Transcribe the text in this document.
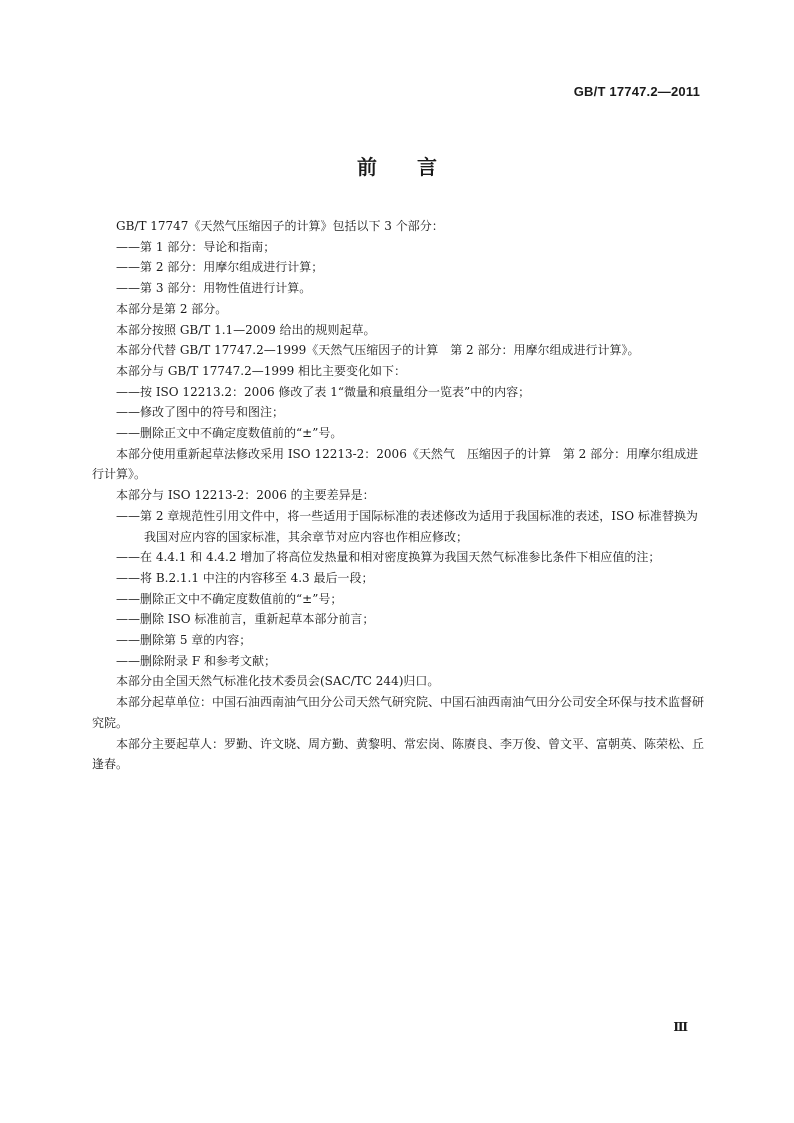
GB/T 17747.2—2011
前言

GB/T 17747《天然气压缩因子的计算》包括以下 3 个部分：

——第 1 部分：导论和指南；

——第 2 部分：用摩尔组成进行计算；

——第 3 部分：用物性值进行计算。

本部分是第 2 部分。

本部分按照 GB/T 1.1—2009 给出的规则起草。

本部分代替 GB/T 17747.2—1999《天然气压缩因子的计算　第 2 部分：用摩尔组成进行计算》。

本部分与 GB/T 17747.2—1999 相比主要变化如下：

——按 ISO 12213.2：2006 修改了表 1“微量和痕量组分一览表”中的内容；

——修改了图中的符号和图注；

——删除正文中不确定度数值前的“±”号。

本部分使用重新起草法修改采用 ISO 12213-2：2006《天然气　压缩因子的计算　第 2 部分：用摩尔组成进行计算》。

本部分与 ISO 12213-2：2006 的主要差异是：

——第 2 章规范性引用文件中，将一些适用于国际标准的表述修改为适用于我国标准的表述，ISO 标准替换为我国对应内容的国家标准，其余章节对应内容也作相应修改；

——在 4.4.1 和 4.4.2 增加了将高位发热量和相对密度换算为我国天然气标准参比条件下相应值的注；

——将 B.2.1.1 中注的内容移至 4.3 最后一段；

——删除正文中不确定度数值前的“±”号；

——删除 ISO 标准前言，重新起草本部分前言；

——删除第 5 章的内容；

——删除附录 F 和参考文献；

本部分由全国天然气标准化技术委员会(SAC/TC 244)归口。

本部分起草单位：中国石油西南油气田分公司天然气研究院、中国石油西南油气田分公司安全环保与技术监督研究院。

本部分主要起草人：罗勤、许文晓、周方勤、黄黎明、常宏岗、陈赓良、李万俊、曾文平、富朝英、陈荣松、丘逢春。

Ⅲ
